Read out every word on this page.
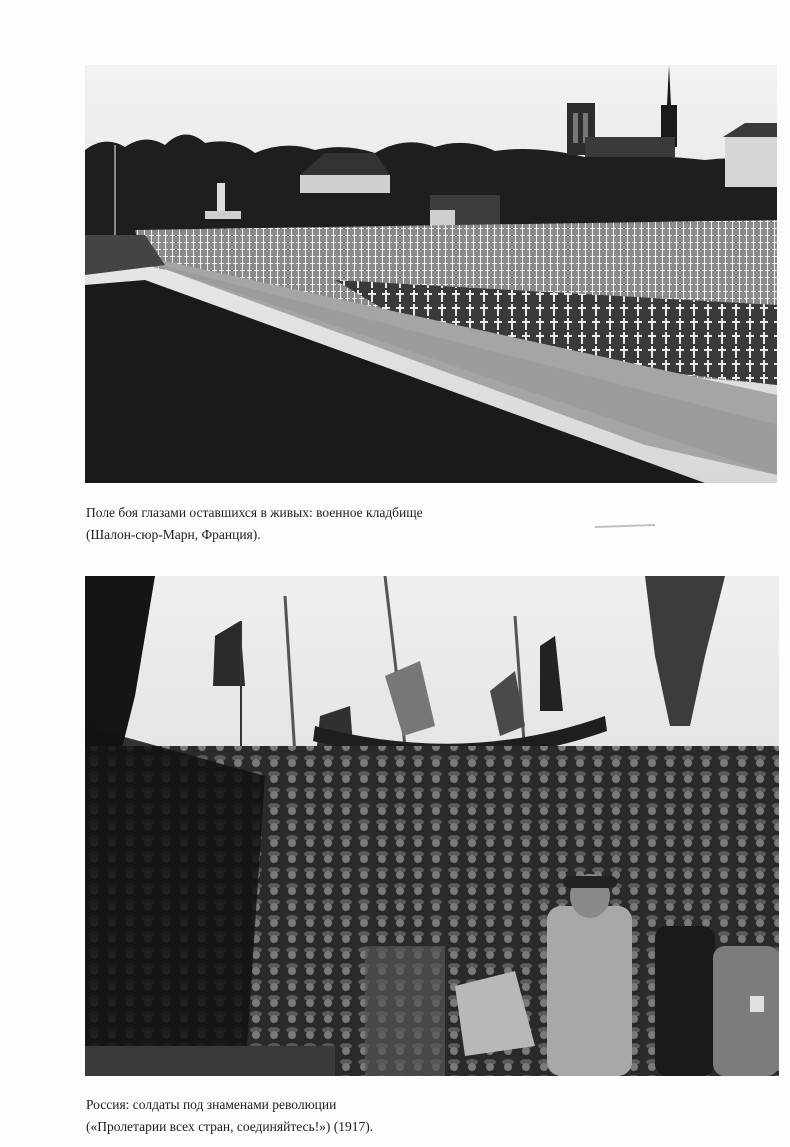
Поле боя глазами оставшихся в живых: военное кладбище
(Шалон-сюр-Марн, Франция).
Россия: солдаты под знаменами революции
(«Пролетарии всех стран, соединяйтесь!») (1917).
